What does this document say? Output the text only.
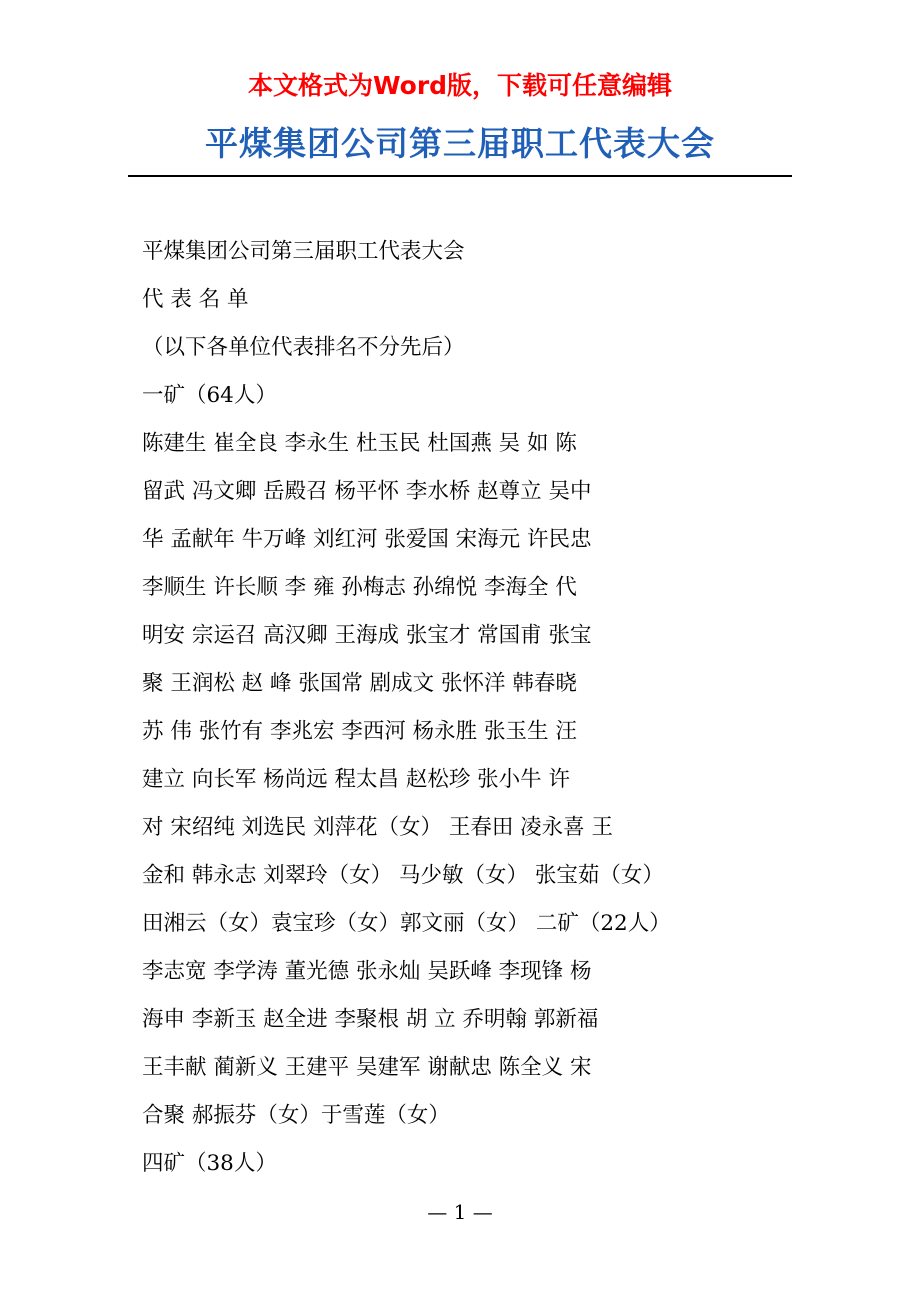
本文格式为Word版，下载可任意编辑
平煤集团公司第三届职工代表大会
平煤集团公司第三届职工代表大会
代 表 名 单
（以下各单位代表排名不分先后）
一矿（64人）
陈建生 崔全良 李永生 杜玉民 杜国燕 吴 如 陈
留武 冯文卿 岳殿召 杨平怀 李水桥 赵尊立 吴中
华 孟献年 牛万峰 刘红河 张爱国 宋海元 许民忠
李顺生 许长顺 李 雍 孙梅志 孙绵悦 李海全 代
明安 宗运召 高汉卿 王海成 张宝才 常国甫 张宝
聚 王润松 赵 峰 张国常 剧成文 张怀洋 韩春晓
苏 伟 张竹有 李兆宏 李西河 杨永胜 张玉生 汪
建立 向长军 杨尚远 程太昌 赵松珍 张小牛 许
对 宋绍纯 刘选民 刘萍花（女） 王春田 凌永喜 王
金和 韩永志 刘翠玲（女） 马少敏（女） 张宝茹（女）
田湘云（女）袁宝珍（女）郭文丽（女） 二矿（22人）
李志宽 李学涛 董光德 张永灿 吴跃峰 李现锋 杨
海申 李新玉 赵全进 李聚根 胡 立 乔明翰 郭新福
王丰献 蔺新义 王建平 吴建军 谢献忠 陈全义 宋
合聚 郝振芬（女）于雪莲（女）
四矿（38人）
— 1 —
